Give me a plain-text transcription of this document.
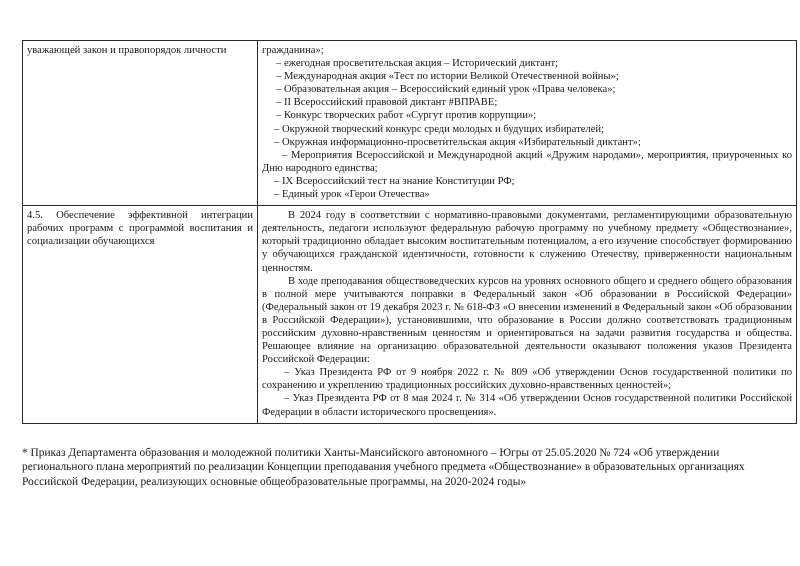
уважающей закон и правопорядок личности	гражданина»;

– ежегодная просветительская акция – Исторический диктант;

– Международная акция «Тест по истории Великой Отечественной войны»;

– Образовательная акция – Всероссийский единый урок «Права человека»;

– II Всероссийский правовой диктант #ВПРАВЕ;

– Конкурс творческих работ «Сургут против коррупции»;

– Окружной творческий конкурс среди молодых и будущих избирателей;

– Окружная информационно-просветительская акция «Избирательный диктант»;

– Мероприятия Всероссийской и Международной акций «Дружим народами», мероприятия, приуроченных ко Дню народного единства;

– IX Всероссийский тест на знание Конституции РФ;

– Единый урок «Герои Отечества»

4.5. Обеспечение эффективной интеграции рабочих программ с программой воспитания и социализации обучающихся	В 2024 году в соответствии с нормативно-правовыми документами, регламентирующими образовательную деятельность, педагоги используют федеральную рабочую программу по учебному предмету «Обществознание», который традиционно обладает высоким воспитательным потенциалом, а его изучение способствует формированию у обучающихся гражданской идентичности, готовности к служению Отечеству, приверженности национальным ценностям.

В ходе преподавания обществоведческих курсов на уровнях основного общего и среднего общего образования в полной мере учитываются поправки в Федеральный закон «Об образовании в Российской Федерации» (Федеральный закон от 19 декабря 2023 г. № 618-ФЗ «О внесении изменений в Федеральный закон «Об образовании в Российской Федерации»), установившими, что образование в России должно соответствовать традиционным российским духовно-нравственным ценностям и ориентироваться на задачи развития государства и общества. Решающее влияние на организацию образовательной деятельности оказывают положения указов Президента Российской Федерации:

– Указ Президента РФ от 9 ноября 2022 г. № 809 «Об утверждении Основ государственной политики по сохранению и укреплению традиционных российских духовно-нравственных ценностей»;

– Указ Президента РФ от 8 мая 2024 г. № 314 «Об утверждении Основ государственной политики Российской Федерации в области исторического просвещения».

* Приказ Департамента образования и молодежной политики Ханты-Мансийского автономного – Югры от 25.05.2020 № 724 «Об утверждении регионального плана мероприятий по реализации Концепции преподавания учебного предмета «Обществознание» в образовательных организациях Российской Федерации, реализующих основные общеобразовательные программы, на 2020-2024 годы»
